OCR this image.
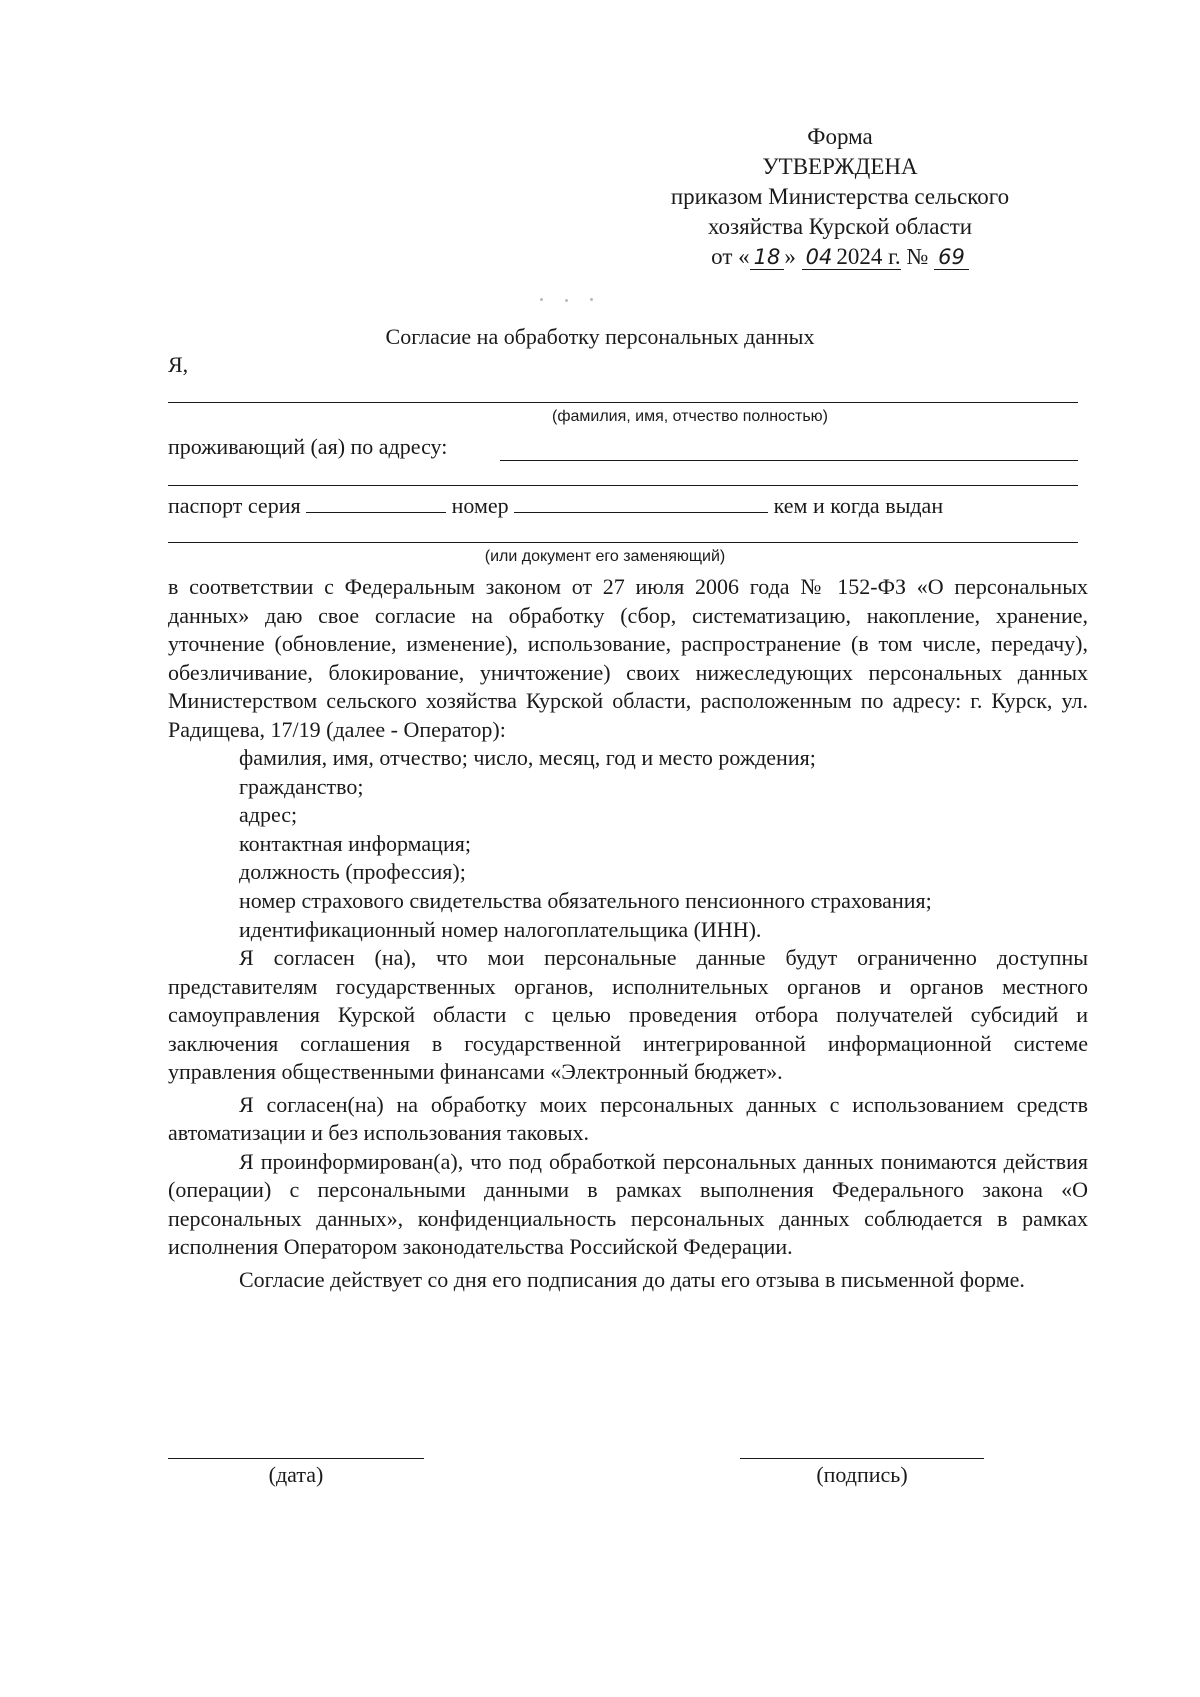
Форма
УТВЕРЖДЕНА
приказом Министерства сельского
хозяйства Курской области
от « 18 » 04 2024 г. № 69
Согласие на обработку персональных данных
Я,
(фамилия, имя, отчество полностью)
проживающий (ая) по адресу:
паспорт серия	номер	кем и когда выдан
(или документ его заменяющий)

в соответствии с Федеральным законом от 27 июля 2006 года № 152-ФЗ «О персональных данных» даю свое согласие на обработку (сбор, систематизацию, накопление, хранение, уточнение (обновление, изменение), использование, распространение (в том числе, передачу), обезличивание, блокирование, уничтожение) своих нижеследующих персональных данных Министерством сельского хозяйства Курской области, расположенным по адресу: г. Курск, ул. Радищева, 17/19 (далее - Оператор):

фамилия, имя, отчество; число, месяц, год и место рождения;
гражданство;
адрес;
контактная информация;
должность (профессия);
номер страхового свидетельства обязательного пенсионного страхования;
идентификационный номер налогоплательщика (ИНН).

Я согласен (на), что мои персональные данные будут ограниченно доступны представителям государственных органов, исполнительных органов и органов местного самоуправления Курской области с целью проведения отбора получателей субсидий и заключения соглашения в государственной интегрированной информационной системе управления общественными финансами «Электронный бюджет».

Я согласен(на) на обработку моих персональных данных с использованием средств автоматизации и без использования таковых.

Я проинформирован(а), что под обработкой персональных данных понимаются действия (операции) с персональными данными в рамках выполнения Федерального закона «О персональных данных», конфиденциальность персональных данных соблюдается в рамках исполнения Оператором законодательства Российской Федерации.

Согласие действует со дня его подписания до даты его отзыва в письменной форме.

(дата)	(подпись)
